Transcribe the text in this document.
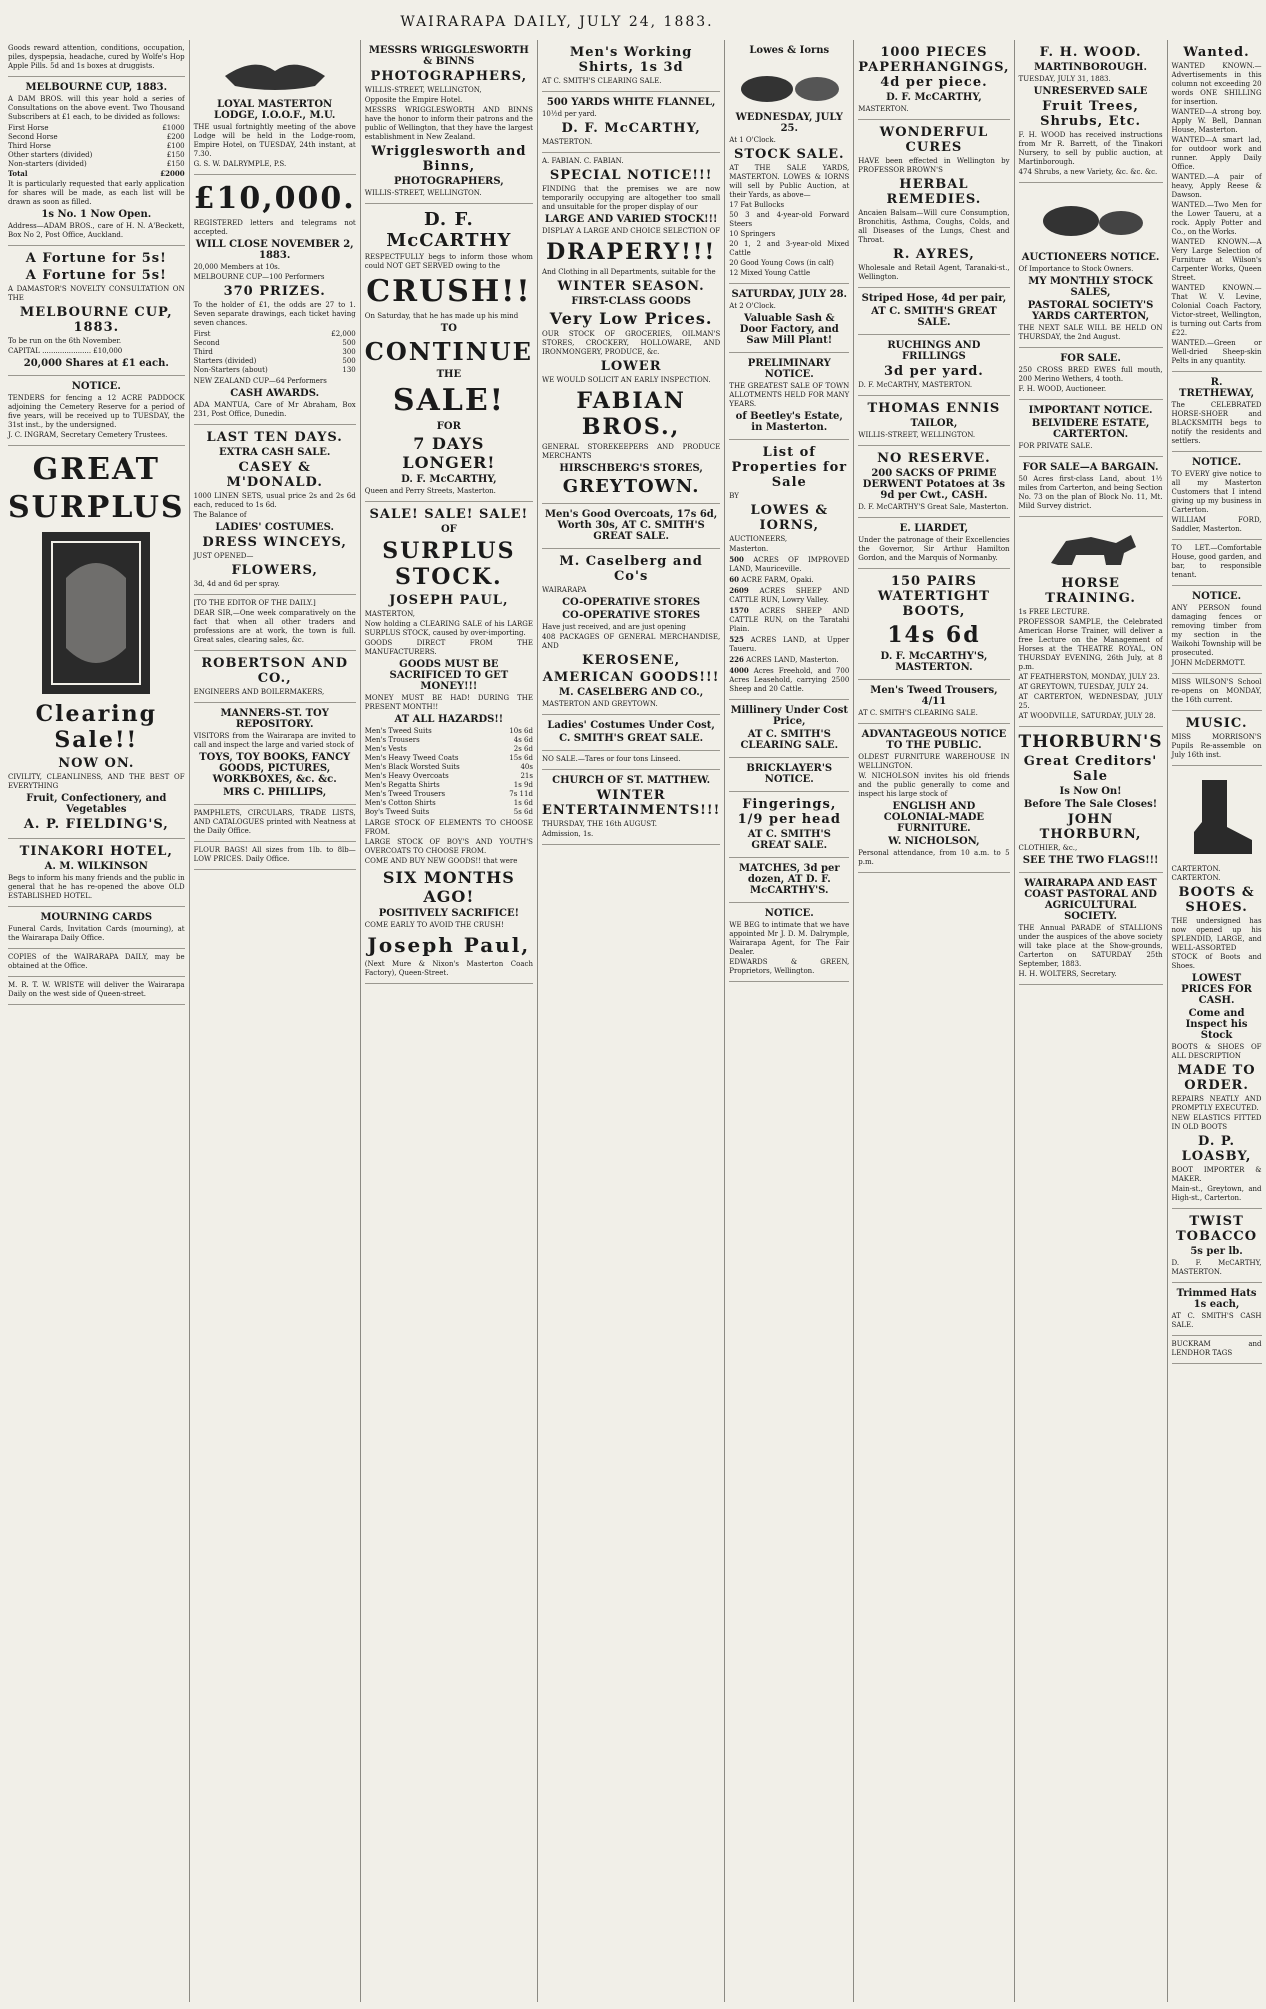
WAIRARAPA DAILY, JULY 24, 1883.

Goods reward attention, conditions, occupation, piles, dyspepsia, headache, cured by Wolfe's Hop Apple Pills. 5d and 1s boxes at druggists.

MELBOURNE CUP, 1883.

A DAM BROS. will this year hold a series of Consultations on the above event. Two Thousand Subscribers at £1 each, to be divided as follows:

First Horse	£1000
Second Horse	£200
Third Horse	£100
Other starters (divided)	£150
Non-starters (divided)	£150
Total	£2000

It is particularly requested that early application for shares will be made, as each list will be drawn as soon as filled.

1s No. 1 Now Open.

Address—ADAM BROS., care of H. N. A'Beckett, Box No 2, Post Office, Auckland.

A Fortune for 5s!
A Fortune for 5s!

A DAMASTOR'S NOVELTY CONSULTATION ON THE

MELBOURNE CUP, 1883.

To be run on the 6th November.

CAPITAL ...................... £10,000

20,000 Shares at £1 each.
NOTICE.

TENDERS for fencing a 12 ACRE PADDOCK adjoining the Cemetery Reserve for a period of five years, will be received up to TUESDAY, the 31st inst., by the undersigned.

J. C. INGRAM, Secretary Cemetery Trustees.

GREAT
SURPLUS
Clearing Sale!!
NOW ON.

CIVILITY, CLEANLINESS, AND THE BEST OF EVERYTHING

Fruit, Confectionery, and Vegetables
A. P. FIELDING'S,
TINAKORI HOTEL,
A. M. WILKINSON

Begs to inform his many friends and the public in general that he has re-opened the above OLD ESTABLISHED HOTEL.

MOURNING CARDS

Funeral Cards, Invitation Cards (mourning), at the Wairarapa Daily Office.

COPIES of the WAIRARAPA DAILY, may be obtained at the Office.

M. R. T. W. WRISTE will deliver the Wairarapa Daily on the west side of Queen-street.

LOYAL MASTERTON LODGE, I.O.O.F., M.U.

THE usual fortnightly meeting of the above Lodge will be held in the Lodge-room, Empire Hotel, on TUESDAY, 24th instant, at 7.30.

G. S. W. DALRYMPLE, P.S.

£10,000.

REGISTERED letters and telegrams not accepted.

WILL CLOSE NOVEMBER 2, 1883.

20,000 Members at 10s.

MELBOURNE CUP—100 Performers

370 PRIZES.

To the holder of £1, the odds are 27 to 1. Seven separate drawings, each ticket having seven chances.

First	£2,000
Second	500
Third	300
Starters (divided)	500
Non-Starters (about)	130

NEW ZEALAND CUP—64 Performers

CASH AWARDS.

ADA MANTUA, Care of Mr Abraham, Box 231, Post Office, Dunedin.

LAST TEN DAYS.
EXTRA CASH SALE.
CASEY & M'DONALD.

1000 LINEN SETS, usual price 2s and 2s 6d each, reduced to 1s 6d.

The Balance of

LADIES' COSTUMES.
DRESS WINCEYS,

JUST OPENED—

FLOWERS,

3d, 4d and 6d per spray.

[TO THE EDITOR OF THE DAILY.]

DEAR SIR,—One week comparatively on the fact that when all other traders and professions are at work, the town is full. Great sales, clearing sales, &c.

ROBERTSON AND CO.,

ENGINEERS AND BOILERMAKERS,

MANNERS-ST. TOY REPOSITORY.

VISITORS from the Wairarapa are invited to call and inspect the large and varied stock of

TOYS, TOY BOOKS, FANCY GOODS, PICTURES, WORKBOXES, &c. &c.
MRS C. PHILLIPS,

PAMPHLETS, CIRCULARS, TRADE LISTS, AND CATALOGUES printed with Neatness at the Daily Office.

FLOUR BAGS! All sizes from 1lb. to 8lb—LOW PRICES. Daily Office.

MESSRS WRIGGLESWORTH & BINNS
PHOTOGRAPHERS,

WILLIS-STREET, WELLINGTON,

Opposite the Empire Hotel.

MESSRS WRIGGLESWORTH AND BINNS have the honor to inform their patrons and the public of Wellington, that they have the largest establishment in New Zealand.

Wrigglesworth and Binns,
PHOTOGRAPHERS,

WILLIS-STREET, WELLINGTON.

D. F. McCARTHY

RESPECTFULLY begs to inform those whom could NOT GET SERVED owing to the

CRUSH!!

On Saturday, that he has made up his mind

TO
CONTINUE
THE
SALE!
FOR
7 DAYS LONGER!
D. F. McCARTHY,

Queen and Perry Streets, Masterton.

SALE! SALE! SALE!
OF
SURPLUS STOCK.
JOSEPH PAUL,

MASTERTON,

Now holding a CLEARING SALE of his LARGE SURPLUS STOCK, caused by over-importing.

GOODS DIRECT FROM THE MANUFACTURERS.

GOODS MUST BE SACRIFICED TO GET MONEY!!!

MONEY MUST BE HAD! DURING THE PRESENT MONTH!!

AT ALL HAZARDS!!
Men's Tweed Suits	10s 6d
Men's Trousers	4s 6d
Men's Vests	2s 6d
Men's Heavy Tweed Coats	15s 6d
Men's Black Worsted Suits	40s
Men's Heavy Overcoats	21s
Men's Regatta Shirts	1s 9d
Men's Tweed Trousers	7s 11d
Men's Cotton Shirts	1s 6d
Boy's Tweed Suits	5s 6d

LARGE STOCK OF ELEMENTS TO CHOOSE FROM.

LARGE STOCK OF BOY'S AND YOUTH'S OVERCOATS TO CHOOSE FROM.

COME AND BUY NEW GOODS!! that were

SIX MONTHS AGO!
POSITIVELY SACRIFICE!

COME EARLY TO AVOID THE CRUSH!

Joseph Paul,

(Next Mure & Nixon's Masterton Coach Factory), Queen-Street.

Men's Working Shirts, 1s 3d

AT C. SMITH'S CLEARING SALE.

500 YARDS WHITE FLANNEL,

10½d per yard.

D. F. McCARTHY,

MASTERTON.

A. FABIAN. C. FABIAN.

SPECIAL NOTICE!!!

FINDING that the premises we are now temporarily occupying are altogether too small and unsuitable for the proper display of our

LARGE AND VARIED STOCK!!!

DISPLAY A LARGE AND CHOICE SELECTION OF

DRAPERY!!!

And Clothing in all Departments, suitable for the

WINTER SEASON.
FIRST-CLASS GOODS
Very Low Prices.

OUR STOCK OF GROCERIES, OILMAN'S STORES, CROCKERY, HOLLOWARE, AND IRONMONGERY, PRODUCE, &c.

LOWER

WE WOULD SOLICIT AN EARLY INSPECTION.

FABIAN BROS.,

GENERAL STOREKEEPERS AND PRODUCE MERCHANTS

HIRSCHBERG'S STORES,
GREYTOWN.
Men's Good Overcoats, 17s 6d, Worth 30s, AT C. SMITH'S GREAT SALE.
M. Caselberg and Co's

WAIRARAPA

CO-OPERATIVE STORES
CO-OPERATIVE STORES

Have just received, and are just opening

408 PACKAGES OF GENERAL MERCHANDISE, AND

KEROSENE,
AMERICAN GOODS!!!
M. CASELBERG AND CO.,

MASTERTON AND GREYTOWN.

Ladies' Costumes Under Cost,
C. SMITH'S GREAT SALE.

NO SALE.—Tares or four tons Linseed.

CHURCH OF ST. MATTHEW.
WINTER ENTERTAINMENTS!!!

THURSDAY, THE 16th AUGUST.

Admission, 1s.

Lowes & Iorns
WEDNESDAY, JULY 25.

At 1 O'Clock.

STOCK SALE.

AT THE SALE YARDS, MASTERTON. LOWES & IORNS will sell by Public Auction, at their Yards, as above—

17 Fat Bullocks

50 3 and 4-year-old Forward Steers

10 Springers

20 1, 2 and 3-year-old Mixed Cattle

20 Good Young Cows (in calf)

12 Mixed Young Cattle

SATURDAY, JULY 28.

At 2 O'Clock.

Valuable Sash & Door Factory, and Saw Mill Plant!
PRELIMINARY NOTICE.

THE GREATEST SALE OF TOWN ALLOTMENTS HELD FOR MANY YEARS.

of Beetley's Estate, in Masterton.
List of Properties for Sale

BY

LOWES & IORNS,

AUCTIONEERS,

Masterton.

500 ACRES OF IMPROVED LAND, Mauriceville.

60 ACRE FARM, Opaki.

2609 ACRES SHEEP AND CATTLE RUN, Lowry Valley.

1570 ACRES SHEEP AND CATTLE RUN, on the Taratahi Plain.

525 ACRES LAND, at Upper Taueru.

226 ACRES LAND, Masterton.

4000 Acres Freehold, and 700 Acres Leasehold, carrying 2500 Sheep and 20 Cattle.

Millinery Under Cost Price,
AT C. SMITH'S CLEARING SALE.
BRICKLAYER'S NOTICE.
Fingerings, 1/9 per head
AT C. SMITH'S GREAT SALE.
MATCHES, 3d per dozen, AT D. F. McCARTHY'S.
NOTICE.

WE BEG to intimate that we have appointed Mr J. D. M. Dalrymple, Wairarapa Agent, for The Fair Dealer.

EDWARDS & GREEN, Proprietors, Wellington.

1000 PIECES PAPERHANGINGS, 4d per piece.
D. F. McCARTHY,

MASTERTON.

WONDERFUL CURES

HAVE been effected in Wellington by PROFESSOR BROWN'S

HERBAL REMEDIES.

Ancaien Balsam—Will cure Consumption, Bronchitis, Asthma, Coughs, Colds, and all Diseases of the Lungs, Chest and Throat.

R. AYRES,

Wholesale and Retail Agent, Taranaki-st., Wellington.

Striped Hose, 4d per pair,
AT C. SMITH'S GREAT SALE.
RUCHINGS AND FRILLINGS
3d per yard.

D. F. McCARTHY, MASTERTON.

THOMAS ENNIS
TAILOR,

WILLIS-STREET, WELLINGTON.

NO RESERVE.
200 SACKS OF PRIME DERWENT Potatoes at 3s 9d per Cwt., CASH.

D. F. McCARTHY'S Great Sale, Masterton.

E. LIARDET,

Under the patronage of their Excellencies the Governor, Sir Arthur Hamilton Gordon, and the Marquis of Normanby.

150 PAIRS WATERTIGHT BOOTS,
14s 6d
D. F. McCARTHY'S, MASTERTON.
Men's Tweed Trousers, 4/11

AT C. SMITH'S CLEARING SALE.

ADVANTAGEOUS NOTICE TO THE PUBLIC.

OLDEST FURNITURE WAREHOUSE IN WELLINGTON.

W. NICHOLSON invites his old friends and the public generally to come and inspect his large stock of

ENGLISH AND COLONIAL-MADE FURNITURE.
W. NICHOLSON,

Personal attendance, from 10 a.m. to 5 p.m.

F. H. WOOD.
MARTINBOROUGH.

TUESDAY, JULY 31, 1883.

UNRESERVED SALE
Fruit Trees, Shrubs, Etc.

F. H. WOOD has received instructions from Mr R. Barrett, of the Tinakori Nursery, to sell by public auction, at Martinborough.

474 Shrubs, a new Variety, &c. &c. &c.

AUCTIONEERS NOTICE.

Of Importance to Stock Owners.

MY MONTHLY STOCK SALES,
PASTORAL SOCIETY'S YARDS CARTERTON,

THE NEXT SALE WILL BE HELD ON THURSDAY, the 2nd August.

FOR SALE.

250 CROSS BRED EWES full mouth, 200 Merino Wethers, 4 tooth.

F. H. WOOD, Auctioneer.

IMPORTANT NOTICE.
BELVIDERE ESTATE, CARTERTON.

FOR PRIVATE SALE.

FOR SALE—A BARGAIN.

50 Acres first-class Land, about 1½ miles from Carterton, and being Section No. 73 on the plan of Block No. 11, Mt. Mild Survey district.

HORSE TRAINING.

1s FREE LECTURE.

PROFESSOR SAMPLE, the Celebrated American Horse Trainer, will deliver a free Lecture on the Management of Horses at the THEATRE ROYAL, ON THURSDAY EVENING, 26th July, at 8 p.m.

AT FEATHERSTON, MONDAY, JULY 23.

AT GREYTOWN, TUESDAY, JULY 24.

AT CARTERTON, WEDNESDAY, JULY 25.

AT WOODVILLE, SATURDAY, JULY 28.

THORBURN'S
Great Creditors' Sale
Is Now On!
Before The Sale Closes!
JOHN THORBURN,

CLOTHIER, &c.,

SEE THE TWO FLAGS!!!
WAIRARAPA AND EAST COAST PASTORAL AND AGRICULTURAL SOCIETY.

THE Annual PARADE of STALLIONS under the auspices of the above society will take place at the Show-grounds, Carterton on SATURDAY 25th September, 1883.

H. H. WOLTERS, Secretary.

Wanted.

WANTED KNOWN.—Advertisements in this column not exceeding 20 words ONE SHILLING for insertion.

WANTED—A strong boy. Apply W. Bell, Dannan House, Masterton.

WANTED—A smart lad, for outdoor work and runner. Apply Daily Office.

WANTED.—A pair of heavy, Apply Reese & Dawson.

WANTED.—Two Men for the Lower Taueru, at a rock. Apply Potter and Co., on the Works.

WANTED KNOWN.—A Very Large Selection of Furniture at Wilson's Carpenter Works, Queen Street.

WANTED KNOWN.—That W. V. Levine, Colonial Coach Factory, Victor-street, Wellington, is turning out Carts from £22.

WANTED.—Green or Well-dried Sheep-skin Pelts in any quantity.

R. TRETHEWAY,

The CELEBRATED HORSE-SHOER and BLACKSMITH begs to notify the residents and settlers.

NOTICE.

TO EVERY give notice to all my Masterton Customers that I intend giving up my business in Carterton.

WILLIAM FORD, Saddler, Masterton.

TO LET.—Comfortable House, good garden, and bar, to responsible tenant.

NOTICE.

ANY PERSON found damaging fences or removing timber from my section in the Waikohi Township will be prosecuted.

JOHN McDERMOTT.

MISS WILSON'S School re-opens on MONDAY, the 16th current.

MUSIC.

MISS MORRISON'S Pupils Re-assemble on July 16th inst.

CARTERTON. CARTERTON.

BOOTS & SHOES.

THE undersigned has now opened up his SPLENDID, LARGE, and WELL-ASSORTED STOCK of Boots and Shoes.

LOWEST PRICES FOR CASH.
Come and Inspect his Stock

BOOTS & SHOES OF ALL DESCRIPTION

MADE TO ORDER.

REPAIRS NEATLY AND PROMPTLY EXECUTED.

NEW ELASTICS FITTED IN OLD BOOTS

D. P. LOASBY,

BOOT IMPORTER & MAKER.

Main-st., Greytown, and High-st., Carterton.

TWIST TOBACCO
5s per lb.

D. F. McCARTHY, MASTERTON.

Trimmed Hats 1s each,

AT C. SMITH'S CASH SALE.

BUCKRAM and LENDHOR TAGS
